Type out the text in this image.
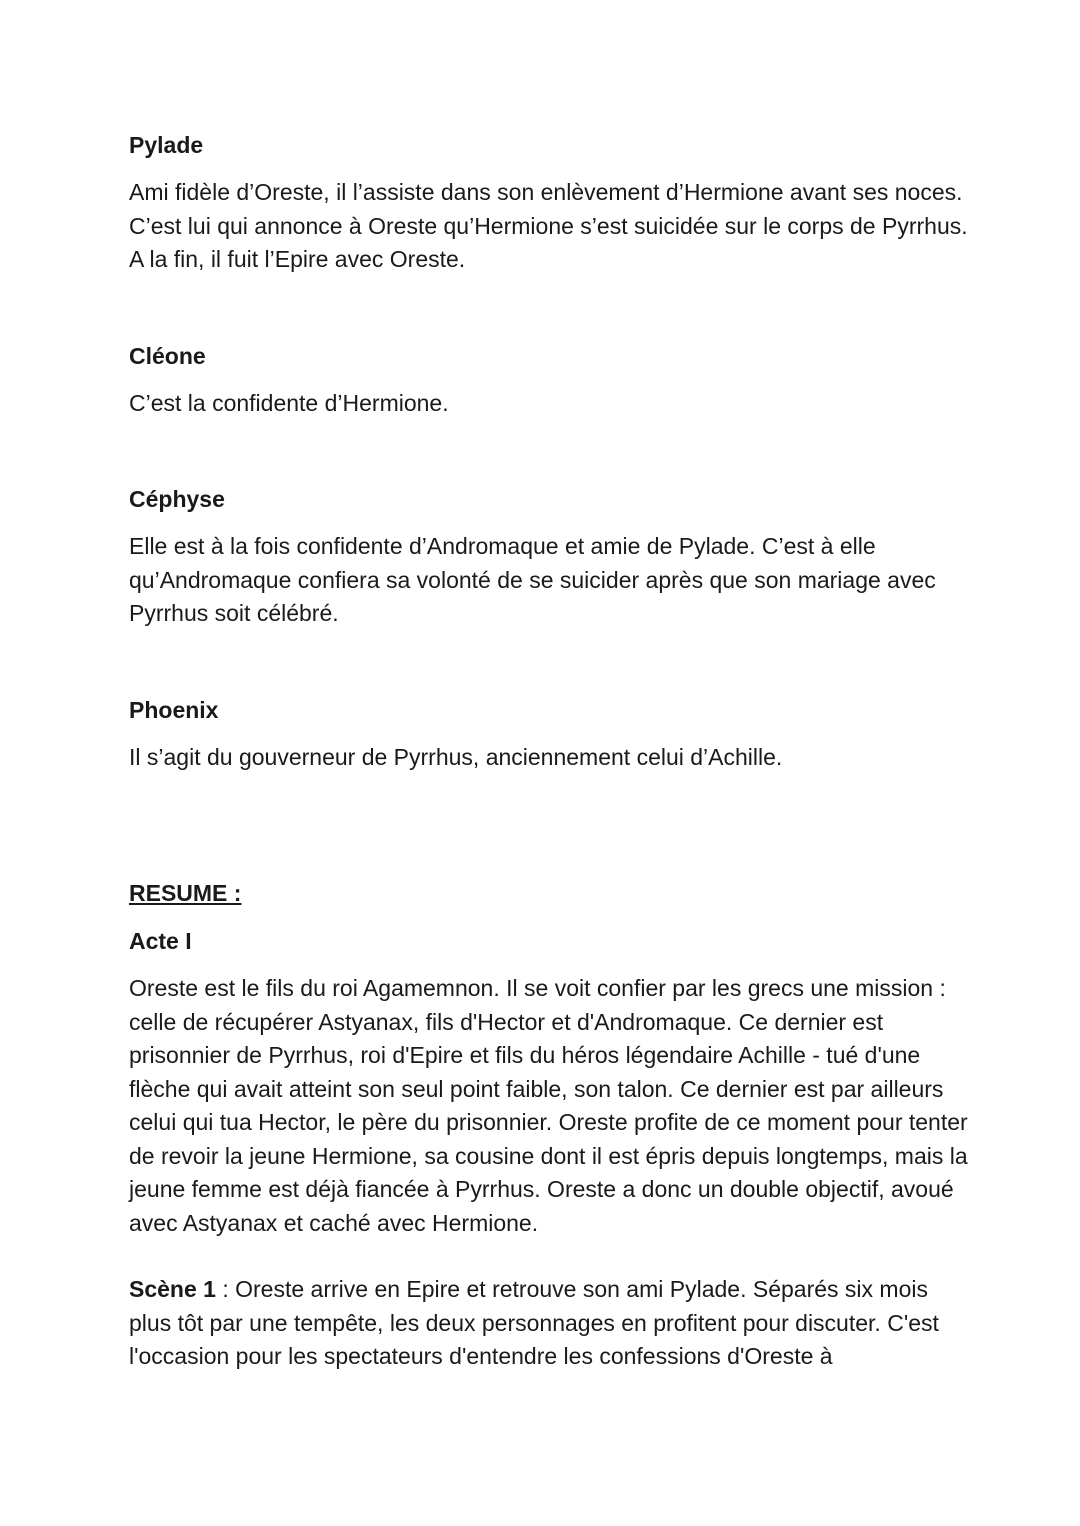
Pylade

Ami fidèle d’Oreste, il l’assiste dans son enlèvement d’Hermione avant ses noces. C’est lui qui annonce à Oreste qu’Hermione s’est suicidée sur le corps de Pyrrhus. A la fin, il fuit l’Epire avec Oreste.

Cléone

C’est la confidente d’Hermione.

Céphyse

Elle est à la fois confidente d’Andromaque et amie de Pylade. C’est à elle qu’Andromaque confiera sa volonté de se suicider après que son mariage avec Pyrrhus soit célébré.

Phoenix

Il s’agit du gouverneur de Pyrrhus, anciennement celui d’Achille.

RESUME :
Acte I

Oreste est le fils du roi Agamemnon. Il se voit confier par les grecs une mission : celle de récupérer Astyanax, fils d'Hector et d'Andromaque. Ce dernier est prisonnier de Pyrrhus, roi d'Epire et fils du héros légendaire Achille - tué d'une flèche qui avait atteint son seul point faible, son talon. Ce dernier est par ailleurs celui qui tua Hector, le père du prisonnier. Oreste profite de ce moment pour tenter de revoir la jeune Hermione, sa cousine dont il est épris depuis longtemps, mais la jeune femme est déjà fiancée à Pyrrhus. Oreste a donc un double objectif, avoué avec Astyanax et caché avec Hermione.

Scène 1 : Oreste arrive en Epire et retrouve son ami Pylade. Séparés six mois plus tôt par une tempête, les deux personnages en profitent pour discuter. C'est l'occasion pour les spectateurs d'entendre les confessions d'Oreste à
